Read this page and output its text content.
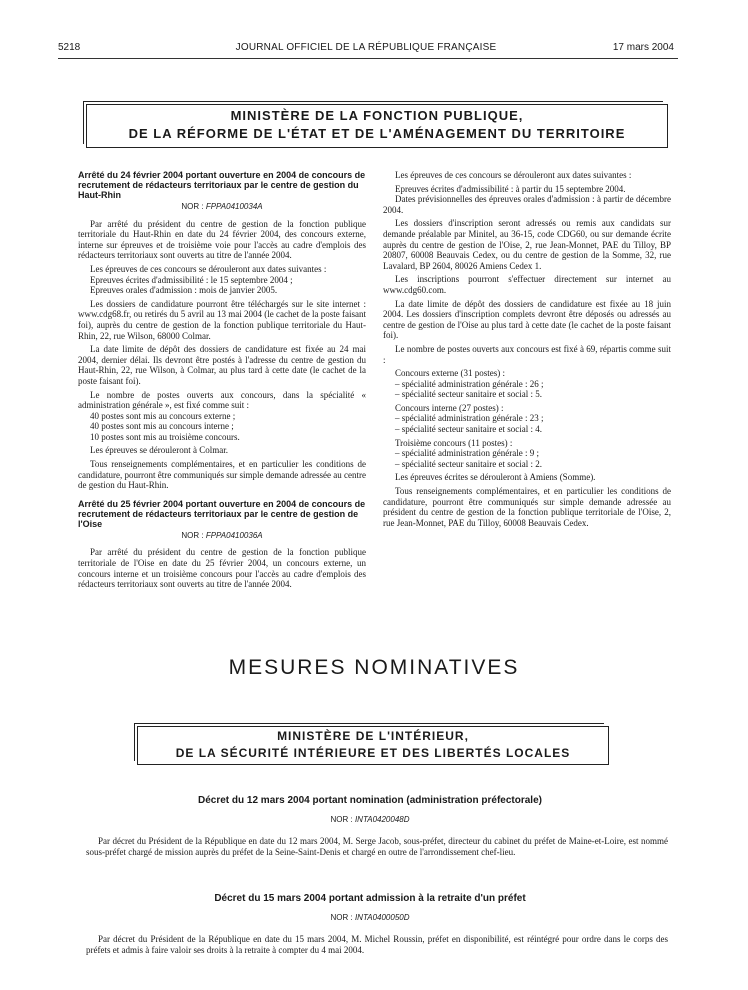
5218	JOURNAL OFFICIEL DE LA RÉPUBLIQUE FRANÇAISE	17 mars 2004
MINISTÈRE DE LA FONCTION PUBLIQUE,
DE LA RÉFORME DE L'ÉTAT ET DE L'AMÉNAGEMENT DU TERRITOIRE
Arrêté du 24 février 2004 portant ouverture en 2004 de concours de recrutement de rédacteurs territoriaux par le centre de gestion du Haut-Rhin
NOR : FPPA0410034A

Par arrêté du président du centre de gestion de la fonction publique territoriale du Haut-Rhin en date du 24 février 2004, des concours externe, interne sur épreuves et de troisième voie pour l'accès au cadre d'emplois des rédacteurs territoriaux sont ouverts au titre de l'année 2004.

Les épreuves de ces concours se dérouleront aux dates suivantes :

Epreuves écrites d'admissibilité : le 15 septembre 2004 ;

Epreuves orales d'admission : mois de janvier 2005.

Les dossiers de candidature pourront être téléchargés sur le site internet : www.cdg68.fr, ou retirés du 5 avril au 13 mai 2004 (le cachet de la poste faisant foi), auprès du centre de gestion de la fonction publique territoriale du Haut-Rhin, 22, rue Wilson, 68000 Colmar.

La date limite de dépôt des dossiers de candidature est fixée au 24 mai 2004, dernier délai. Ils devront être postés à l'adresse du centre de gestion du Haut-Rhin, 22, rue Wilson, à Colmar, au plus tard à cette date (le cachet de la poste faisant foi).

Le nombre de postes ouverts aux concours, dans la spécialité « administration générale », est fixé comme suit :

40 postes sont mis au concours externe ;

40 postes sont mis au concours interne ;

10 postes sont mis au troisième concours.

Les épreuves se dérouleront à Colmar.

Tous renseignements complémentaires, et en particulier les conditions de candidature, pourront être communiqués sur simple demande adressée au centre de gestion du Haut-Rhin.

Arrêté du 25 février 2004 portant ouverture en 2004 de concours de recrutement de rédacteurs territoriaux par le centre de gestion de l'Oise
NOR : FPPA0410036A

Par arrêté du président du centre de gestion de la fonction publique territoriale de l'Oise en date du 25 février 2004, un concours externe, un concours interne et un troisième concours pour l'accès au cadre d'emplois des rédacteurs territoriaux sont ouverts au titre de l'année 2004.

Les épreuves de ces concours se dérouleront aux dates suivantes :

Epreuves écrites d'admissibilité : à partir du 15 septembre 2004.

Dates prévisionnelles des épreuves orales d'admission : à partir de décembre 2004.

Les dossiers d'inscription seront adressés ou remis aux candidats sur demande préalable par Minitel, au 36-15, code CDG60, ou sur demande écrite auprès du centre de gestion de l'Oise, 2, rue Jean-Monnet, PAE du Tilloy, BP 20807, 60008 Beauvais Cedex, ou du centre de gestion de la Somme, 32, rue Lavalard, BP 2604, 80026 Amiens Cedex 1.

Les inscriptions pourront s'effectuer directement sur internet au www.cdg60.com.

La date limite de dépôt des dossiers de candidature est fixée au 18 juin 2004. Les dossiers d'inscription complets devront être déposés ou adressés au centre de gestion de l'Oise au plus tard à cette date (le cachet de la poste faisant foi).

Le nombre de postes ouverts aux concours est fixé à 69, répartis comme suit :

Concours externe (31 postes) :

– spécialité administration générale : 26 ;

– spécialité secteur sanitaire et social : 5.

Concours interne (27 postes) :

– spécialité administration générale : 23 ;

– spécialité secteur sanitaire et social : 4.

Troisième concours (11 postes) :

– spécialité administration générale : 9 ;

– spécialité secteur sanitaire et social : 2.

Les épreuves écrites se dérouleront à Amiens (Somme).

Tous renseignements complémentaires, et en particulier les conditions de candidature, pourront être communiqués sur simple demande adressée au président du centre de gestion de la fonction publique territoriale de l'Oise, 2, rue Jean-Monnet, PAE du Tilloy, 60008 Beauvais Cedex.

MESURES NOMINATIVES
MINISTÈRE DE L'INTÉRIEUR,
DE LA SÉCURITÉ INTÉRIEURE ET DES LIBERTÉS LOCALES
Décret du 12 mars 2004 portant nomination (administration préfectorale)
NOR : INTA0420048D
Par décret du Président de la République en date du 12 mars 2004, M. Serge Jacob, sous-préfet, directeur du cabinet du préfet de Maine-et-Loire, est nommé sous-préfet chargé de mission auprès du préfet de la Seine-Saint-Denis et chargé en outre de l'arrondissement chef-lieu.
Décret du 15 mars 2004 portant admission à la retraite d'un préfet
NOR : INTA0400050D
Par décret du Président de la République en date du 15 mars 2004, M. Michel Roussin, préfet en disponibilité, est réintégré pour ordre dans le corps des préfets et admis à faire valoir ses droits à la retraite à compter du 4 mai 2004.
